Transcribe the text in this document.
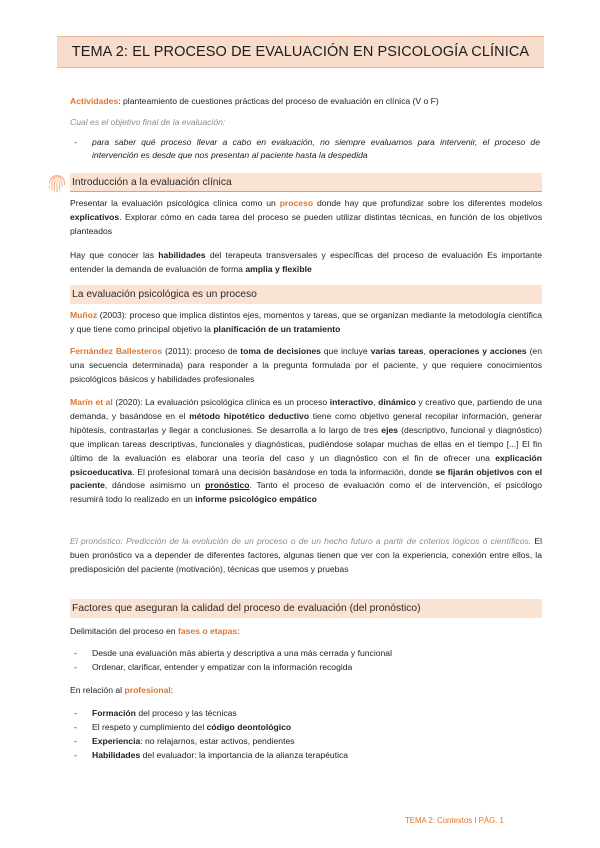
TEMA 2: EL PROCESO DE EVALUACIÓN EN PSICOLOGÍA CLÍNICA
Actividades: planteamiento de cuestiones prácticas del proceso de evaluación en clínica (V o F)
Cual es el objetivo final de la evaluación:
- para saber qué proceso llevar a cabo en evaluación, no siempre evaluamos para intervenir, el proceso de intervención es desde que nos presentan al paciente hasta la despedida
Introducción a la evaluación clínica
Presentar la evaluación psicológica clínica como un proceso donde hay que profundizar sobre los diferentes modelos explicativos. Explorar cómo en cada tarea del proceso se pueden utilizar distintas técnicas, en función de los objetivos planteados
Hay que conocer las habilidades del terapeuta transversales y específicas del proceso de evaluación Es importante entender la demanda de evaluación de forma amplia y flexible
La evaluación psicológica es un proceso
Muñoz (2003): proceso que implica distintos ejes, momentos y tareas, que se organizan mediante la metodología científica y que tiene como principal objetivo la planificación de un tratamiento
Fernández Ballesteros (2011): proceso de toma de decisiones que incluye varias tareas, operaciones y acciones (en una secuencia determinada) para responder a la pregunta formulada por el paciente, y que requiere conocimientos psicológicos básicos y habilidades profesionales
Marín et al (2020): La evaluación psicológica clínica es un proceso interactivo, dinámico y creativo que, partiendo de una demanda, y basándose en el método hipotético deductivo tiene como objetivo general recopilar información, generar hipótesis, contrastarlas y llegar a conclusiones. Se desarrolla a lo largo de tres ejes (descriptivo, funcional y diagnóstico) que implican tareas descriptivas, funcionales y diagnósticas, pudiéndose solapar muchas de ellas en el tiempo [...] El fin último de la evaluación es elaborar una teoría del caso y un diagnóstico con el fin de ofrecer una explicación psicoeducativa. El profesional tomará una decisión basándose en toda la información, donde se fijarán objetivos con el paciente, dándose asimismo un pronóstico. Tanto el proceso de evaluación como el de intervención, el psicólogo resumirá todo lo realizado en un informe psicológico empático
El pronóstico: Predicción de la evolución de un proceso o de un hecho futuro a partir de criterios lógicos o científicos. El buen pronóstico va a depender de diferentes factores, algunas tienen que ver con la experiencia, conexión entre ellos, la predisposición del paciente (motivación), técnicas que usemos y pruebas
Factores que aseguran la calidad del proceso de evaluación (del pronóstico)
Delimitación del proceso en fases o etapas:
- Desde una evaluación más abierta y descriptiva a una más cerrada y funcional
- Ordenar, clarificar, entender y empatizar con la información recogida
En relación al profesional:
- Formación del proceso y las técnicas
- El respeto y cumplimiento del código deontológico
- Experiencia: no relajarnos, estar activos, pendientes
- Habilidades del evaluador: la importancia de la alianza terapéutica
TEMA 2: Contextos I PÁG. 1
